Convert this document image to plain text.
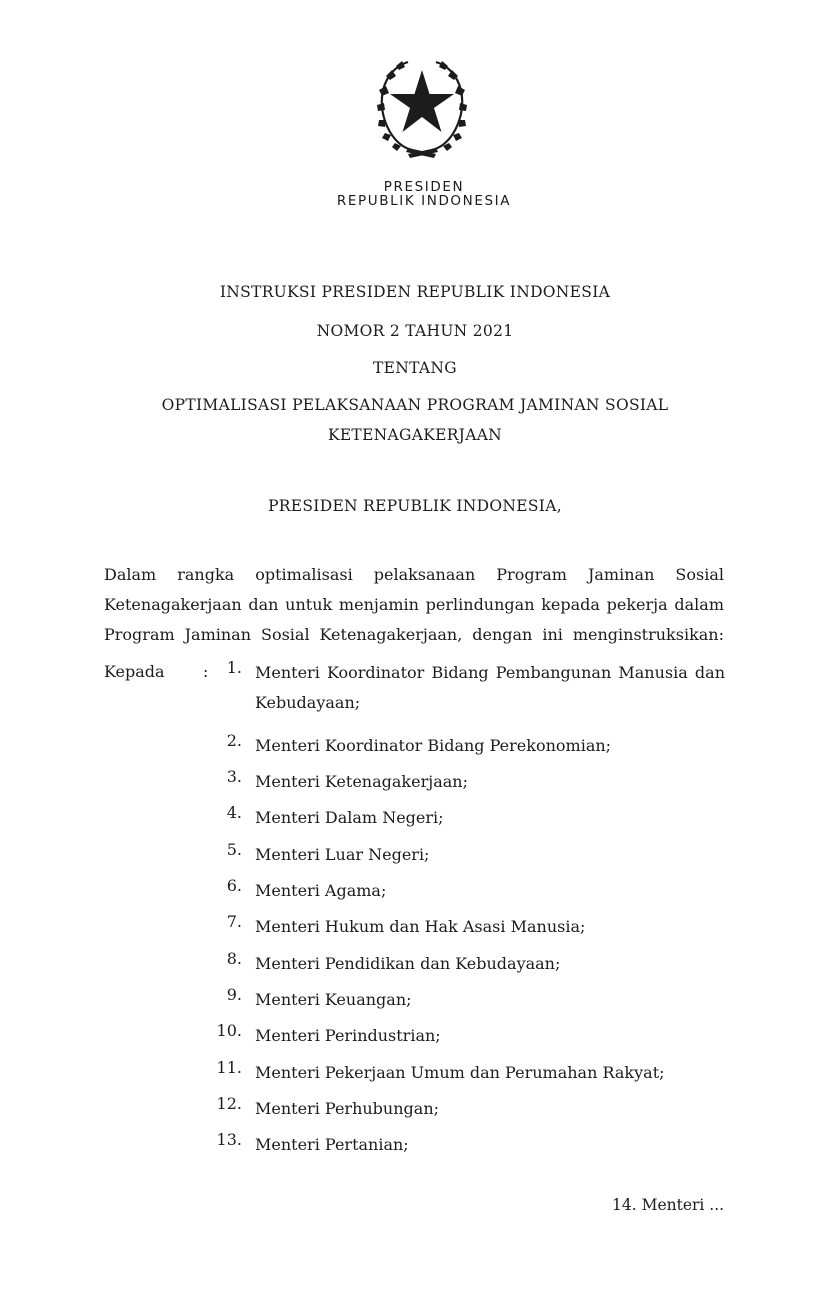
PRESIDEN
REPUBLIK INDONESIA
INSTRUKSI PRESIDEN REPUBLIK INDONESIA
NOMOR 2 TAHUN 2021
TENTANG
OPTIMALISASI PELAKSANAAN PROGRAM JAMINAN SOSIAL
KETENAGAKERJAAN
PRESIDEN REPUBLIK INDONESIA,

Dalam rangka optimalisasi pelaksanaan Program Jaminan Sosial

Ketenagakerjaan dan untuk menjamin perlindungan kepada pekerja dalam

Program Jaminan Sosial Ketenagakerjaan, dengan ini menginstruksikan:

Kepada :	1. Menteri Koordinator Bidang Pembangunan Manusia dan Kebudayaan;
2. Menteri Koordinator Bidang Perekonomian;
3. Menteri Ketenagakerjaan;
4. Menteri Dalam Negeri;
5. Menteri Luar Negeri;
6. Menteri Agama;
7. Menteri Hukum dan Hak Asasi Manusia;
8. Menteri Pendidikan dan Kebudayaan;
9. Menteri Keuangan;
10. Menteri Perindustrian;
11. Menteri Pekerjaan Umum dan Perumahan Rakyat;
12. Menteri Perhubungan;
13. Menteri Pertanian;
14. Menteri ...
